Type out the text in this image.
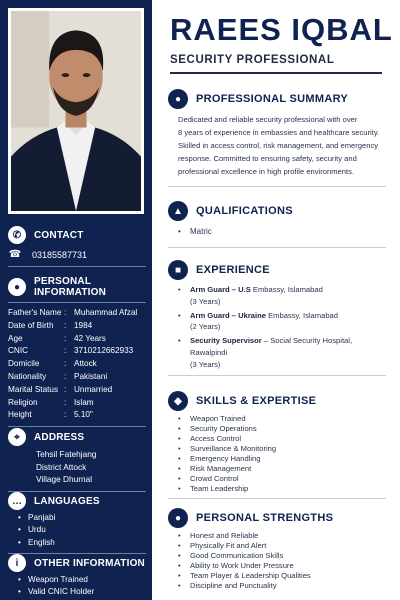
✆	CONTACT
☎ 03185587731
●	PERSONAL INFORMATION
Father's Name : Muhammad Afzal
Date of Birth	: 1984
Age	: 42 Years
CNIC	: 3710212662933
Domicile	: Attock
Nationality	: Pakistani
Marital Status : Unmarried
Religion	: Islam
Height	: 5.10"
⌖	ADDRESS
Tehsil Fatehjang
District Attock
Village Dhurnal
…	LANGUAGES
• Panjabi
• Urdu
• English
i	OTHER INFORMATION
• Weapon Trained
• Valid CNIC Holder
RAEES IQBAL
SECURITY PROFESSIONAL
●	PROFESSIONAL SUMMARY
Dedicated and reliable security professional with over
8 years of experience in embassies and healthcare security.
Skilled in access control, risk management, and emergency
response. Committed to ensuring safety, security and
professional excellence in high profile environments.
▲	QUALIFICATIONS
• Matric
■	EXPERIENCE
• Arm Guard – U.S Embassy, Islamabad
(3 Years)
• Arm Guard – Ukraine Embassy, Islamabad
(2 Years)
• Security Supervisor – Social Security Hospital,
Rawalpindi
(3 Years)
◆	SKILLS & EXPERTISE
• Weapon Trained
• Security Operations
• Access Control
• Surveillance & Monitoring
• Emergency Handling
• Risk Management
• Crowd Control
• Team Leadership
●	PERSONAL STRENGTHS
• Honest and Reliable
• Physically Fit and Alert
• Good Communication Skills
• Ability to Work Under Pressure
• Team Player & Leadership Qualities
• Discipline and Punctuality
